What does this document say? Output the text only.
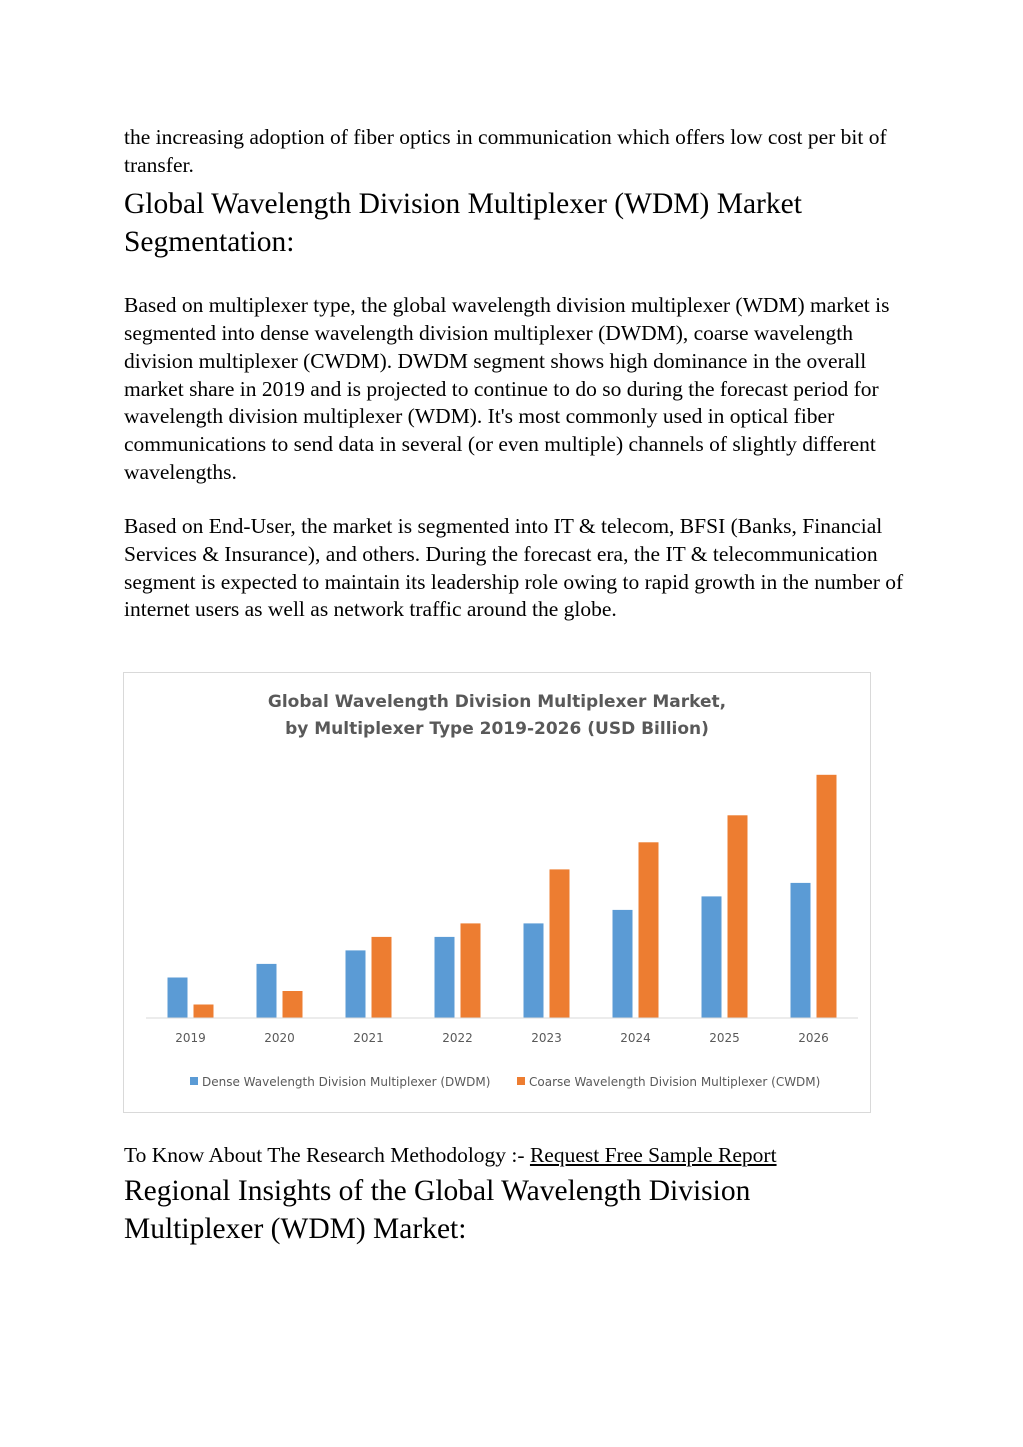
the increasing adoption of fiber optics in communication which offers low cost per bit of transfer.

Global Wavelength Division Multiplexer (WDM) Market Segmentation:

Based on multiplexer type, the global wavelength division multiplexer (WDM) market is segmented into dense wavelength division multiplexer (DWDM), coarse wavelength division multiplexer (CWDM). DWDM segment shows high dominance in the overall market share in 2019 and is projected to continue to do so during the forecast period for wavelength division multiplexer (WDM). It's most commonly used in optical fiber communications to send data in several (or even multiple) channels of slightly different wavelengths.

Based on End-User, the market is segmented into IT & telecom, BFSI (Banks, Financial Services & Insurance), and others. During the forecast era, the IT & telecommunication segment is expected to maintain its leadership role owing to rapid growth in the number of internet users as well as network traffic around the globe.

Global Wavelength Division Multiplexer Market,
by Multiplexer Type 2019-2026 (USD Billion)
2019	2020	2021	2022	2023	2024	2025	2026
Dense Wavelength Division Multiplexer (DWDM)	Coarse Wavelength Division Multiplexer (CWDM)
To Know About The Research Methodology :- Request Free Sample Report
Regional Insights of the Global Wavelength Division Multiplexer (WDM) Market:
